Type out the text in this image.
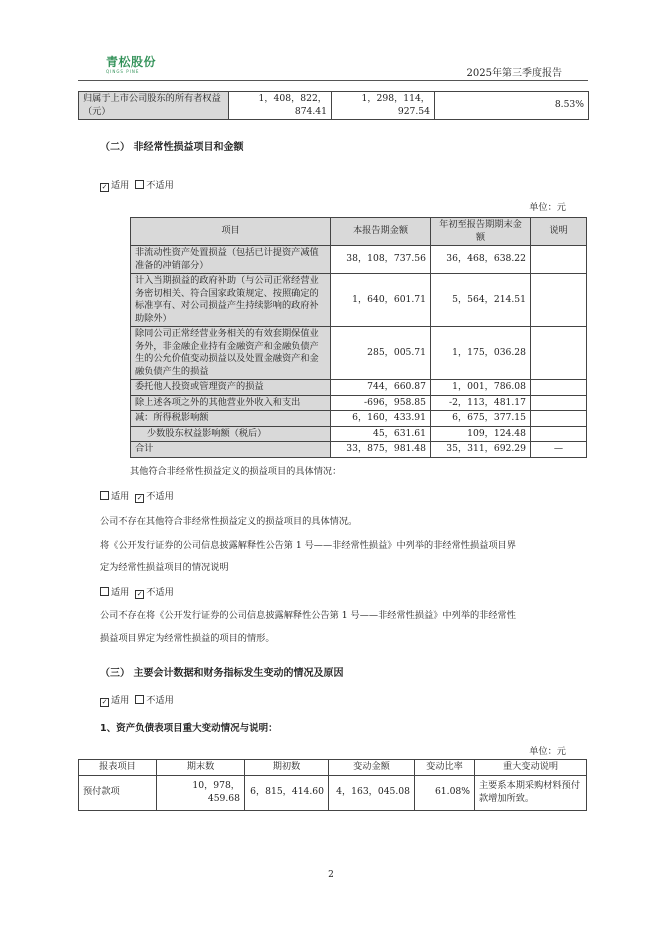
青松股份
QINGS PINE	2025年第三季度报告
归属于上市公司股东的所有者权益（元）	1，408，822，874.41	1，298，114，927.54	8.53%
（二） 非经常性损益项目和金额
✓ 适用 不适用
单位：元
项目	本报告期金额	年初至报告期期末金额	说明
非流动性资产处置损益（包括已计提资产减值准备的冲销部分）	38，108，737.56	36，468，638.22	
计入当期损益的政府补助（与公司正常经营业务密切相关、符合国家政策规定、按照确定的标准享有、对公司损益产生持续影响的政府补助除外）	1，640，601.71	5，564，214.51	
除同公司正常经营业务相关的有效套期保值业务外，非金融企业持有金融资产和金融负债产生的公允价值变动损益以及处置金融资产和金融负债产生的损益	285，005.71	1，175，036.28	
委托他人投资或管理资产的损益	744，660.87	1，001，786.08	
除上述各项之外的其他营业外收入和支出	-696，958.85	-2，113，481.17	
减：所得税影响额	6，160，433.91	6，675，377.15	
少数股东权益影响额（税后）	45，631.61	109，124.48	
合计	33，875，981.48	35，311，692.29	—
其他符合非经常性损益定义的损益项目的具体情况：
适用 ✓ 不适用
公司不存在其他符合非经常性损益定义的损益项目的具体情况。
将《公开发行证券的公司信息披露解释性公告第 1 号——非经常性损益》中列举的非经常性损益项目界
定为经常性损益项目的情况说明
适用 ✓ 不适用
公司不存在将《公开发行证券的公司信息披露解释性公告第 1 号——非经常性损益》中列举的非经常性
损益项目界定为经常性损益的项目的情形。
（三） 主要会计数据和财务指标发生变动的情况及原因
✓ 适用 不适用
1、资产负债表项目重大变动情况与说明：
单位：元
报表项目	期末数	期初数	变动金额	变动比率	重大变动说明
预付款项	10，978，459.68	6，815，414.60	4，163，045.08	61.08%	主要系本期采购材料预付款增加所致。
2
